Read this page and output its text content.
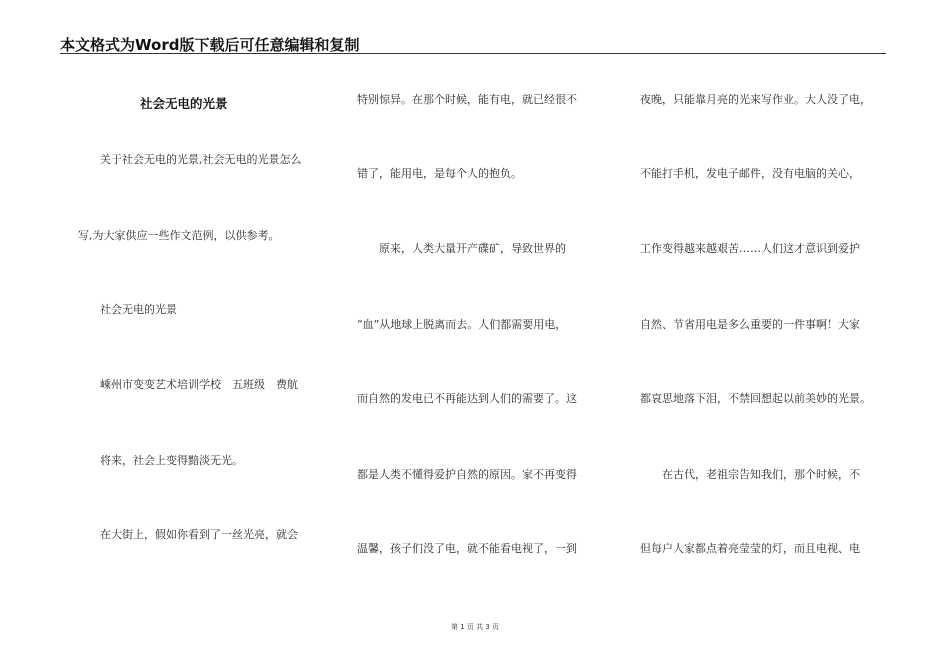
本文格式为Word版下载后可任意编辑和复制
社会无电的光景
关于社会无电的光景,社会无电的光景怎么
写,为大家供应一些作文范例，以供参考。
社会无电的光景
嵊州市变变艺术培训学校　五班级　费航
将来，社会上变得黯淡无光。
在大街上，假如你看到了一丝光亮，就会
特别惊异。在那个时候，能有电，就已经很不
错了，能用电，是每个人的抱负。
原来，人类大量开产碟矿，导致世界的
“血”从地球上脱离而去。人们都需要用电，
而自然的发电已不再能达到人们的需要了。这
都是人类不懂得爱护自然的原因。家不再变得
温馨，孩子们没了电，就不能看电视了，一到
夜晚，只能靠月亮的光来写作业。大人没了电，
不能打手机，发电子邮件，没有电脑的关心，
工作变得越来越艰苦……人们这才意识到爱护
自然、节省用电是多么重要的一件事啊！大家
都哀思地落下泪，不禁回想起以前美妙的光景。
在古代，老祖宗告知我们，那个时候，不
但每户人家都点着亮莹莹的灯，而且电视、电
第 1 页 共 3 页
